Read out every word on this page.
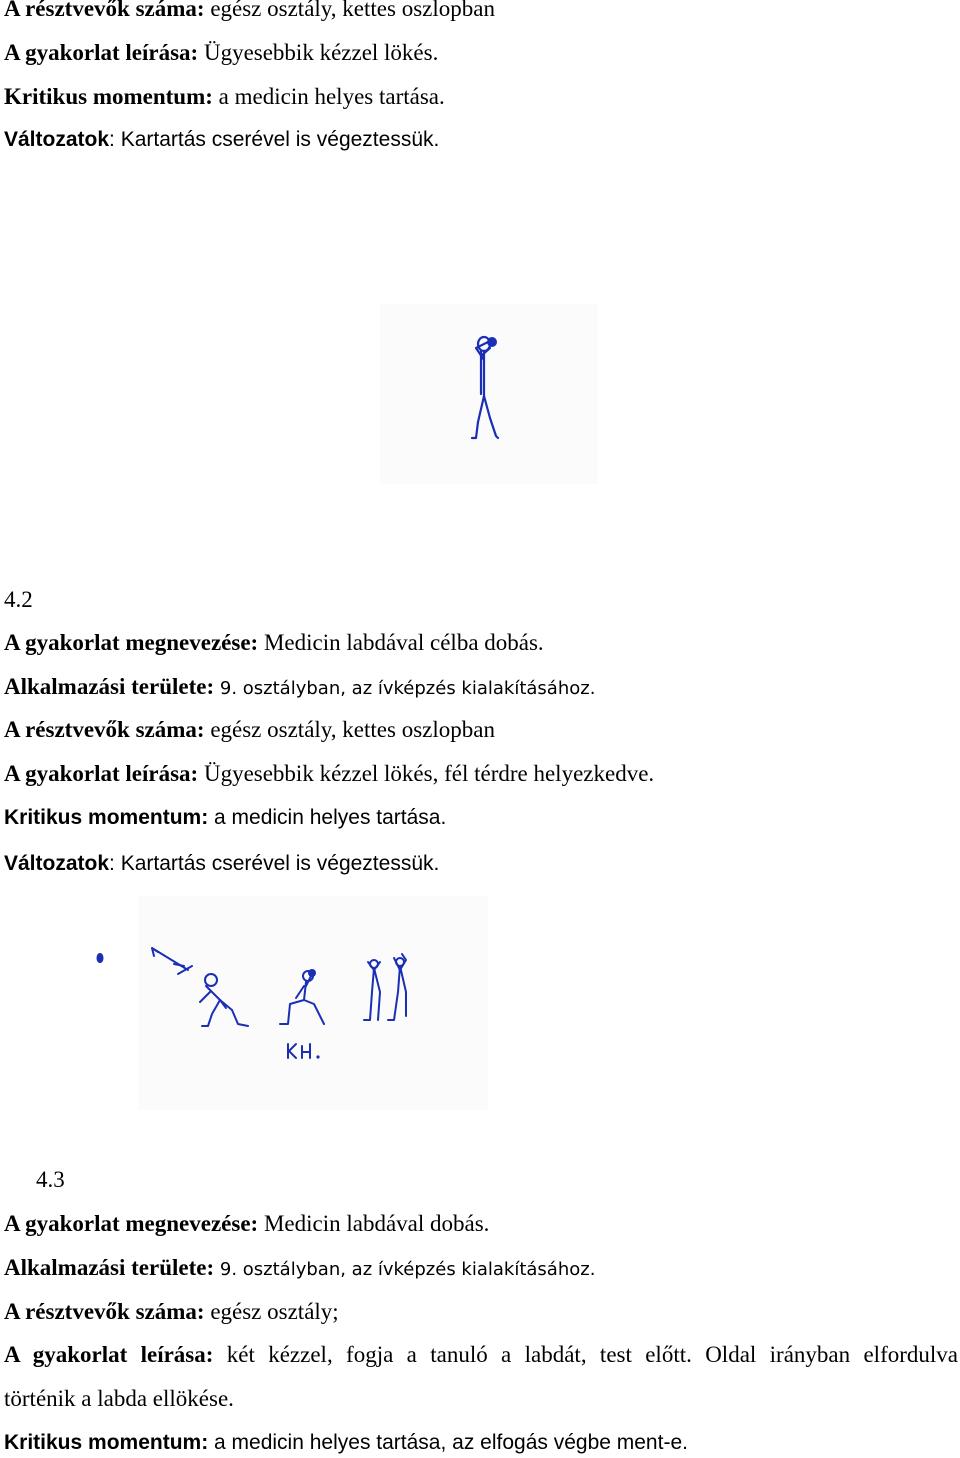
A résztvevők száma: egész osztály, kettes oszlopban
A gyakorlat leírása: Ügyesebbik kézzel lökés.
Kritikus momentum: a medicin helyes tartása.
Változatok: Kartartás cserével is végeztessük.
4.2
A gyakorlat megnevezése: Medicin labdával célba dobás.
Alkalmazási területe: 9. osztályban, az ívképzés kialakításához.
A résztvevők száma: egész osztály, kettes oszlopban
A gyakorlat leírása: Ügyesebbik kézzel lökés, fél térdre helyezkedve.
Kritikus momentum: a medicin helyes tartása.
Változatok: Kartartás cserével is végeztessük.
4.3
A gyakorlat megnevezése: Medicin labdával dobás.
Alkalmazási területe: 9. osztályban, az ívképzés kialakításához.
A résztvevők száma: egész osztály;
A gyakorlat leírása: két kézzel, fogja a tanuló a labdát, test előtt. Oldal irányban elfordulva
történik a labda ellökése.
Kritikus momentum: a medicin helyes tartása, az elfogás végbe ment-e.
